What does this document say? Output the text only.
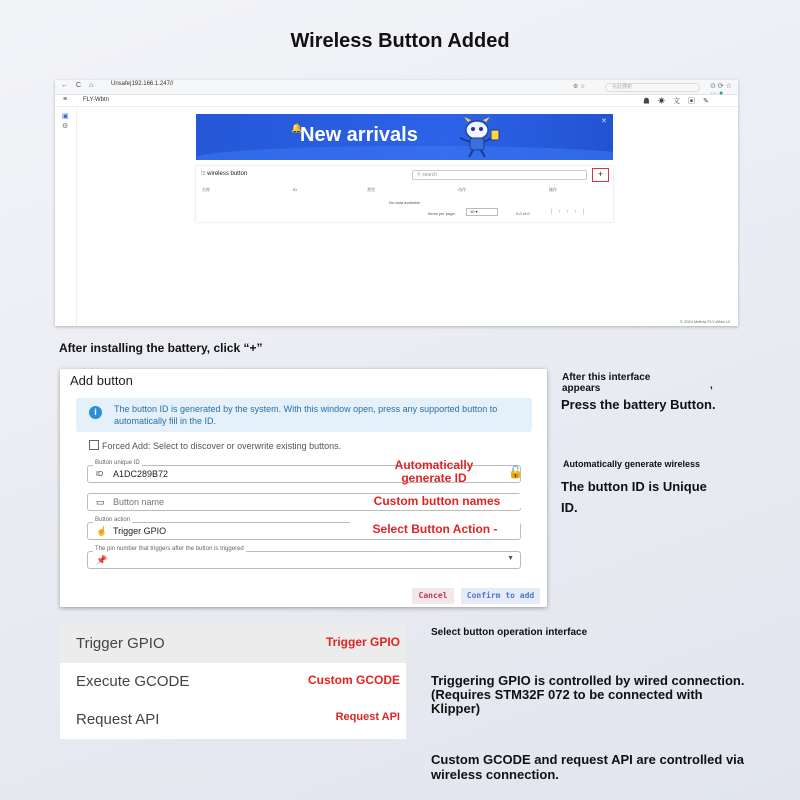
Wireless Button Added
← C ⌂ Unsafe|192.166.1.247//	⚙ ☆	在此搜索	⊙ ⟳ ☆ ··· ●
≡	FLY-Wbtn	☗☀文▣✎
▣
⚙	🔔
New arrivals
✕
⫶⫶⫶ wireless button	⚲ search	+
名称	ID	类型	动作	操作
No data available
Items per page:	10 ▾	0-0 of 0	|‹‹›|
© 2024 Mellow FLY-Wbtn UI
After installing the battery, click “+”
After this interface appears	,
Press the battery Button.
Automatically generate wireless
The button ID is Unique ID.
Add button
i	The button ID is generated by the system. With this window open, press any supported button to automatically fill in the ID.
Forced Add: Select to discover or overwrite existing buttons.
Button unique ID
ID A1DC289B72	🔓
▭ Button name
Button action
☝ Trigger GPIO
The pin number that triggers after the button is triggered
📌	▼
Automatically generate ID
Custom button names
Select Button Action -
Cancel	Confirm to add
Trigger GPIO	Trigger GPIO
Execute GCODE	Custom GCODE
Request API	Request API
Select button operation interface
Triggering GPIO is controlled by wired connection. (Requires STM32F 072 to be connected with Klipper)
Custom GCODE and request API are controlled via wireless connection.
